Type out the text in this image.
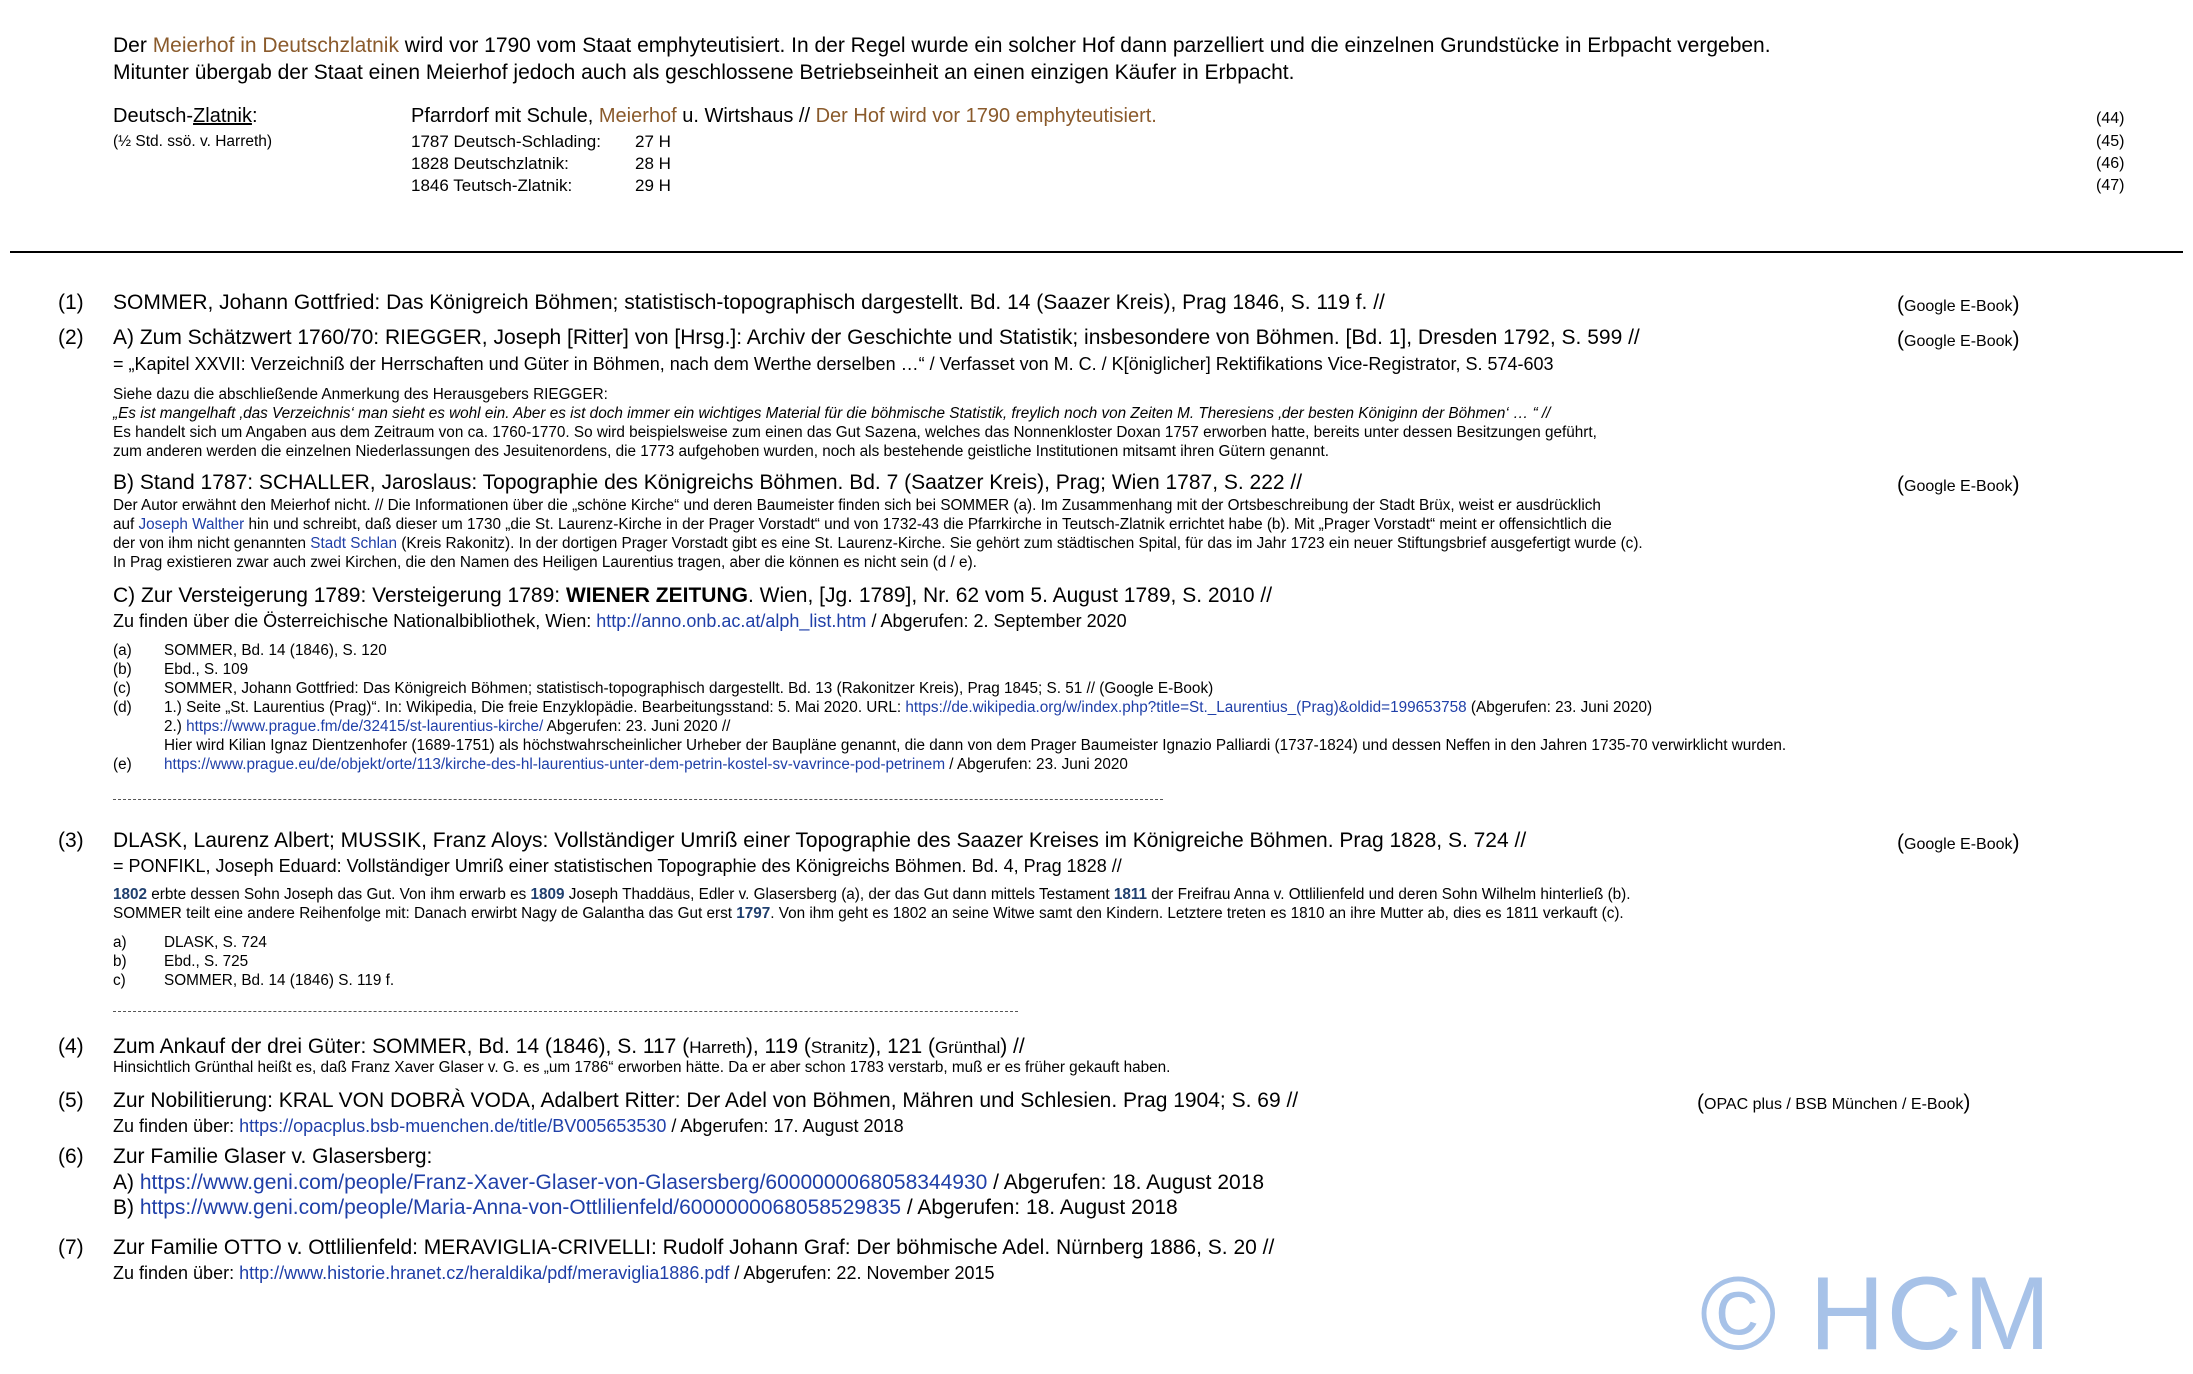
Der Meierhof in Deutschzlatnik wird vor 1790 vom Staat emphyteutisiert. In der Regel wurde ein solcher Hof dann parzelliert und die einzelnen Grundstücke in Erbpacht vergeben.
Mitunter übergab der Staat einen Meierhof jedoch auch als geschlossene Betriebseinheit an einen einzigen Käufer in Erbpacht.
Deutsch-Zlatnik:
(½ Std. ssö. v. Harreth)
Pfarrdorf mit Schule, Meierhof u. Wirtshaus // Der Hof wird vor 1790 emphyteutisiert.	(44)
1787 Deutsch-Schlading: 27 H	(45)
1828 Deutschzlatnik:	28 H	(46)
1846 Teutsch-Zlatnik:	29 H	(47)
(1) SOMMER, Johann Gottfried: Das Königreich Böhmen; statistisch-topographisch dargestellt. Bd. 14 (Saazer Kreis), Prag 1846, S. 119 f. //	(Google E-Book)
(2) A) Zum Schätzwert 1760/70: RIEGGER, Joseph [Ritter] von [Hrsg.]: Archiv der Geschichte und Statistik; insbesondere von Böhmen. [Bd. 1], Dresden 1792, S. 599 //	(Google E-Book)
= „Kapitel XXVII: Verzeichniß der Herrschaften und Güter in Böhmen, nach dem Werthe derselben …“ / Verfasset von M. C. / K[öniglicher] Rektifikations Vice-Registrator, S. 574-603
Siehe dazu die abschließende Anmerkung des Herausgebers RIEGGER:
„Es ist mangelhaft ‚das Verzeichnis‘ man sieht es wohl ein. Aber es ist doch immer ein wichtiges Material für die böhmische Statistik, freylich noch von Zeiten M. Theresiens ‚der besten Königinn der Böhmen‘ … “ //
Es handelt sich um Angaben aus dem Zeitraum von ca. 1760-1770. So wird beispielsweise zum einen das Gut Sazena, welches das Nonnenkloster Doxan 1757 erworben hatte, bereits unter dessen Besitzungen geführt,
zum anderen werden die einzelnen Niederlassungen des Jesuitenordens, die 1773 aufgehoben wurden, noch als bestehende geistliche Institutionen mitsamt ihren Gütern genannt.
B) Stand 1787: SCHALLER, Jaroslaus: Topographie des Königreichs Böhmen. Bd. 7 (Saatzer Kreis), Prag; Wien 1787, S. 222 //	(Google E-Book)
Der Autor erwähnt den Meierhof nicht. // Die Informationen über die „schöne Kirche“ und deren Baumeister finden sich bei SOMMER (a). Im Zusammenhang mit der Ortsbeschreibung der Stadt Brüx, weist er ausdrücklich
auf Joseph Walther hin und schreibt, daß dieser um 1730 „die St. Laurenz-Kirche in der Prager Vorstadt“ und von 1732-43 die Pfarrkirche in Teutsch-Zlatnik errichtet habe (b). Mit „Prager Vorstadt“ meint er offensichtlich die
der von ihm nicht genannten Stadt Schlan (Kreis Rakonitz). In der dortigen Prager Vorstadt gibt es eine St. Laurenz-Kirche. Sie gehört zum städtischen Spital, für das im Jahr 1723 ein neuer Stiftungsbrief ausgefertigt wurde (c).
In Prag existieren zwar auch zwei Kirchen, die den Namen des Heiligen Laurentius tragen, aber die können es nicht sein (d / e).
C) Zur Versteigerung 1789: Versteigerung 1789: WIENER ZEITUNG. Wien, [Jg. 1789], Nr. 62 vom 5. August 1789, S. 2010 //
Zu finden über die Österreichische Nationalbibliothek, Wien: http://anno.onb.ac.at/alph_list.htm / Abgerufen: 2. September 2020
(a) SOMMER, Bd. 14 (1846), S. 120
(b) Ebd., S. 109
(c) SOMMER, Johann Gottfried: Das Königreich Böhmen; statistisch-topographisch dargestellt. Bd. 13 (Rakonitzer Kreis), Prag 1845; S. 51 // (Google E-Book)
(d) 1.) Seite „St. Laurentius (Prag)“. In: Wikipedia, Die freie Enzyklopädie. Bearbeitungsstand: 5. Mai 2020. URL: https://de.wikipedia.org/w/index.php?title=St._Laurentius_(Prag)&oldid=199653758 (Abgerufen: 23. Juni 2020)
2.) https://www.prague.fm/de/32415/st-laurentius-kirche/ Abgerufen: 23. Juni 2020 //
Hier wird Kilian Ignaz Dientzenhofer (1689-1751) als höchstwahrscheinlicher Urheber der Baupläne genannt, die dann von dem Prager Baumeister Ignazio Palliardi (1737-1824) und dessen Neffen in den Jahren 1735-70 verwirklicht wurden.
(e) https://www.prague.eu/de/objekt/orte/113/kirche-des-hl-laurentius-unter-dem-petrin-kostel-sv-vavrince-pod-petrinem / Abgerufen: 23. Juni 2020
(3) DLASK, Laurenz Albert; MUSSIK, Franz Aloys: Vollständiger Umriß einer Topographie des Saazer Kreises im Königreiche Böhmen. Prag 1828, S. 724 //	(Google E-Book)
= PONFIKL, Joseph Eduard: Vollständiger Umriß einer statistischen Topographie des Königreichs Böhmen. Bd. 4, Prag 1828 //
1802 erbte dessen Sohn Joseph das Gut. Von ihm erwarb es 1809 Joseph Thaddäus, Edler v. Glasersberg (a), der das Gut dann mittels Testament 1811 der Freifrau Anna v. Ottlilienfeld und deren Sohn Wilhelm hinterließ (b).
SOMMER teilt eine andere Reihenfolge mit: Danach erwirbt Nagy de Galantha das Gut erst 1797. Von ihm geht es 1802 an seine Witwe samt den Kindern. Letztere treten es 1810 an ihre Mutter ab, dies es 1811 verkauft (c).
a) DLASK, S. 724
b) Ebd., S. 725
c)	SOMMER, Bd. 14 (1846) S. 119 f.
(4) Zum Ankauf der drei Güter: SOMMER, Bd. 14 (1846), S. 117 (Harreth), 119 (Stranitz), 121 (Grünthal) //
Hinsichtlich Grünthal heißt es, daß Franz Xaver Glaser v. G. es „um 1786“ erworben hätte. Da er aber schon 1783 verstarb, muß er es früher gekauft haben.
(5) Zur Nobilitierung: KRAL VON DOBRÀ VODA, Adalbert Ritter: Der Adel von Böhmen, Mähren und Schlesien. Prag 1904; S. 69 //	(OPAC plus / BSB München / E-Book)
Zu finden über: https://opacplus.bsb-muenchen.de/title/BV005653530 / Abgerufen: 17. August 2018
(6) Zur Familie Glaser v. Glasersberg:
A) https://www.geni.com/people/Franz-Xaver-Glaser-von-Glasersberg/6000000068058344930 / Abgerufen: 18. August 2018
B) https://www.geni.com/people/Maria-Anna-von-Ottlilienfeld/6000000068058529835 / Abgerufen: 18. August 2018
(7) Zur Familie OTTO v. Ottlilienfeld: MERAVIGLIA-CRIVELLI: Rudolf Johann Graf: Der böhmische Adel. Nürnberg 1886, S. 20 //
Zu finden über: http://www.historie.hranet.cz/heraldika/pdf/meraviglia1886.pdf / Abgerufen: 22. November 2015	© HCM
